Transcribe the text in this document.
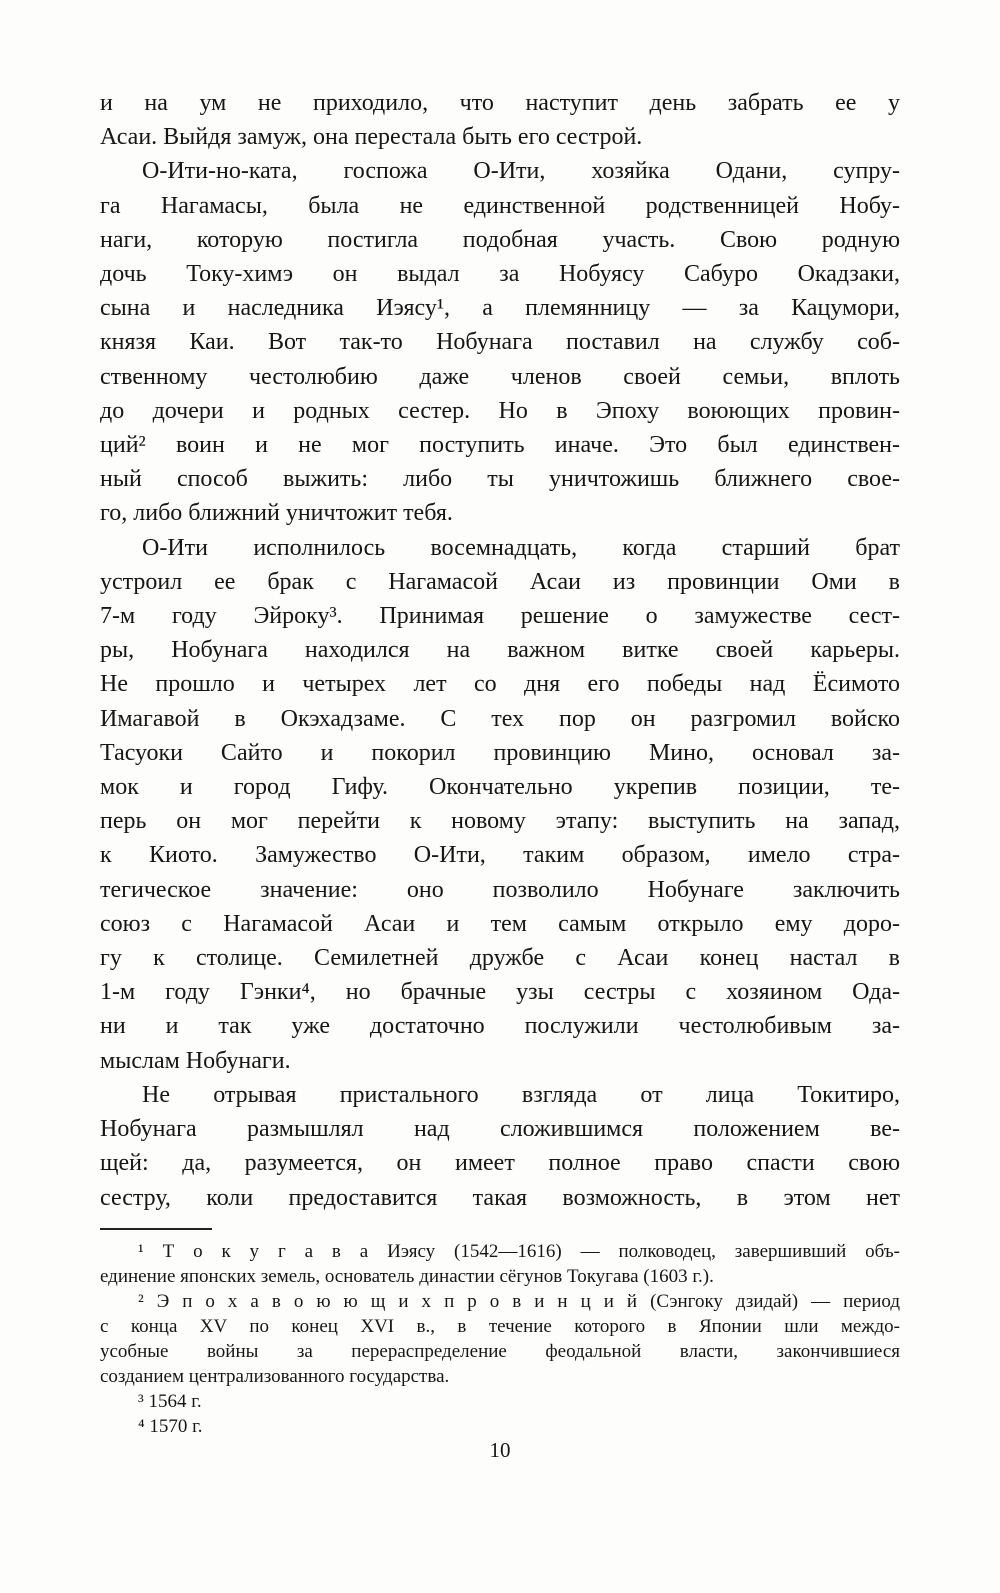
и на ум не приходило, что наступит день забрать ее у
Асаи. Выйдя замуж, она перестала быть его сестрой.
О-Ити-но-ката, госпожа О-Ити, хозяйка Одани, супру-
га Нагамасы, была не единственной родственницей Нобу-
наги, которую постигла подобная участь. Свою родную
дочь Току-химэ он выдал за Нобуясу Сабуро Окадзаки,
сына и наследника Иэясу¹, а племянницу — за Кацумори,
князя Каи. Вот так-то Нобунага поставил на службу соб-
ственному честолюбию даже членов своей семьи, вплоть
до дочери и родных сестер. Но в Эпоху воюющих провин-
ций² воин и не мог поступить иначе. Это был единствен-
ный способ выжить: либо ты уничтожишь ближнего свое-
го, либо ближний уничтожит тебя.
О-Ити исполнилось восемнадцать, когда старший брат
устроил ее брак с Нагамасой Асаи из провинции Оми в
7-м году Эйроку³. Принимая решение о замужестве сест-
ры, Нобунага находился на важном витке своей карьеры.
Не прошло и четырех лет со дня его победы над Ёсимото
Имагавой в Окэхадзаме. С тех пор он разгромил войско
Тасуоки Сайто и покорил провинцию Мино, основал за-
мок и город Гифу. Окончательно укрепив позиции, те-
перь он мог перейти к новому этапу: выступить на запад,
к Киото. Замужество О-Ити, таким образом, имело стра-
тегическое значение: оно позволило Нобунаге заключить
союз с Нагамасой Асаи и тем самым открыло ему доро-
гу к столице. Семилетней дружбе с Асаи конец настал в
1-м году Гэнки⁴, но брачные узы сестры с хозяином Ода-
ни и так уже достаточно послужили честолюбивым за-
мыслам Нобунаги.
Не отрывая пристального взгляда от лица Токитиро,
Нобунага размышлял над сложившимся положением ве-
щей: да, разумеется, он имеет полное право спасти свою
сестру, коли предоставится такая возможность, в этом нет
¹ Т о к у г а в а Иэясу (1542—1616) — полководец, завершивший объ-
единение японских земель, основатель династии сёгунов Токугава (1603 г.).
² Э п о х а в о ю ю щ и х п р о в и н ц и й (Сэнгоку дзидай) — период
с конца XV по конец XVI в., в течение которого в Японии шли междо-
усобные войны за перераспределение феодальной власти, закончившиеся
созданием централизованного государства.
³ 1564 г.
⁴ 1570 г.
10
